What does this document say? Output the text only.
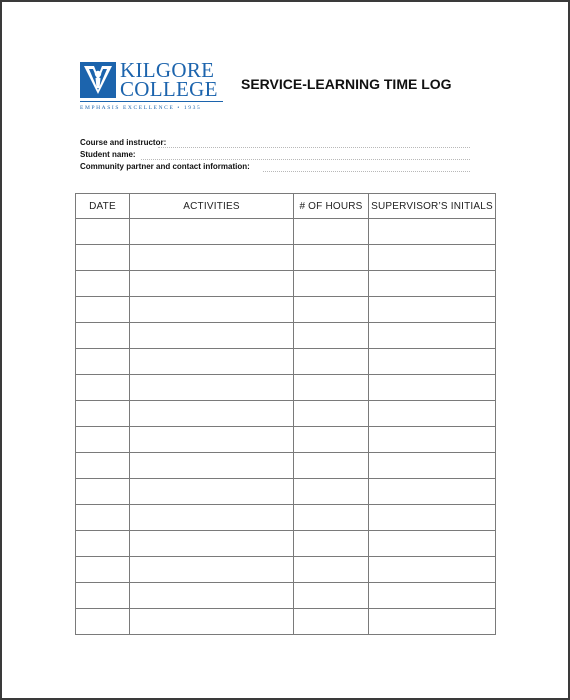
KILGORE
COLLEGE
EMPHASIS EXCELLENCE • 1935
SERVICE-LEARNING TIME LOG
Course and instructor:
Student name:
Community partner and contact information:
DATE	ACTIVITIES	# OF HOURS	SUPERVISOR’S INITIALS
